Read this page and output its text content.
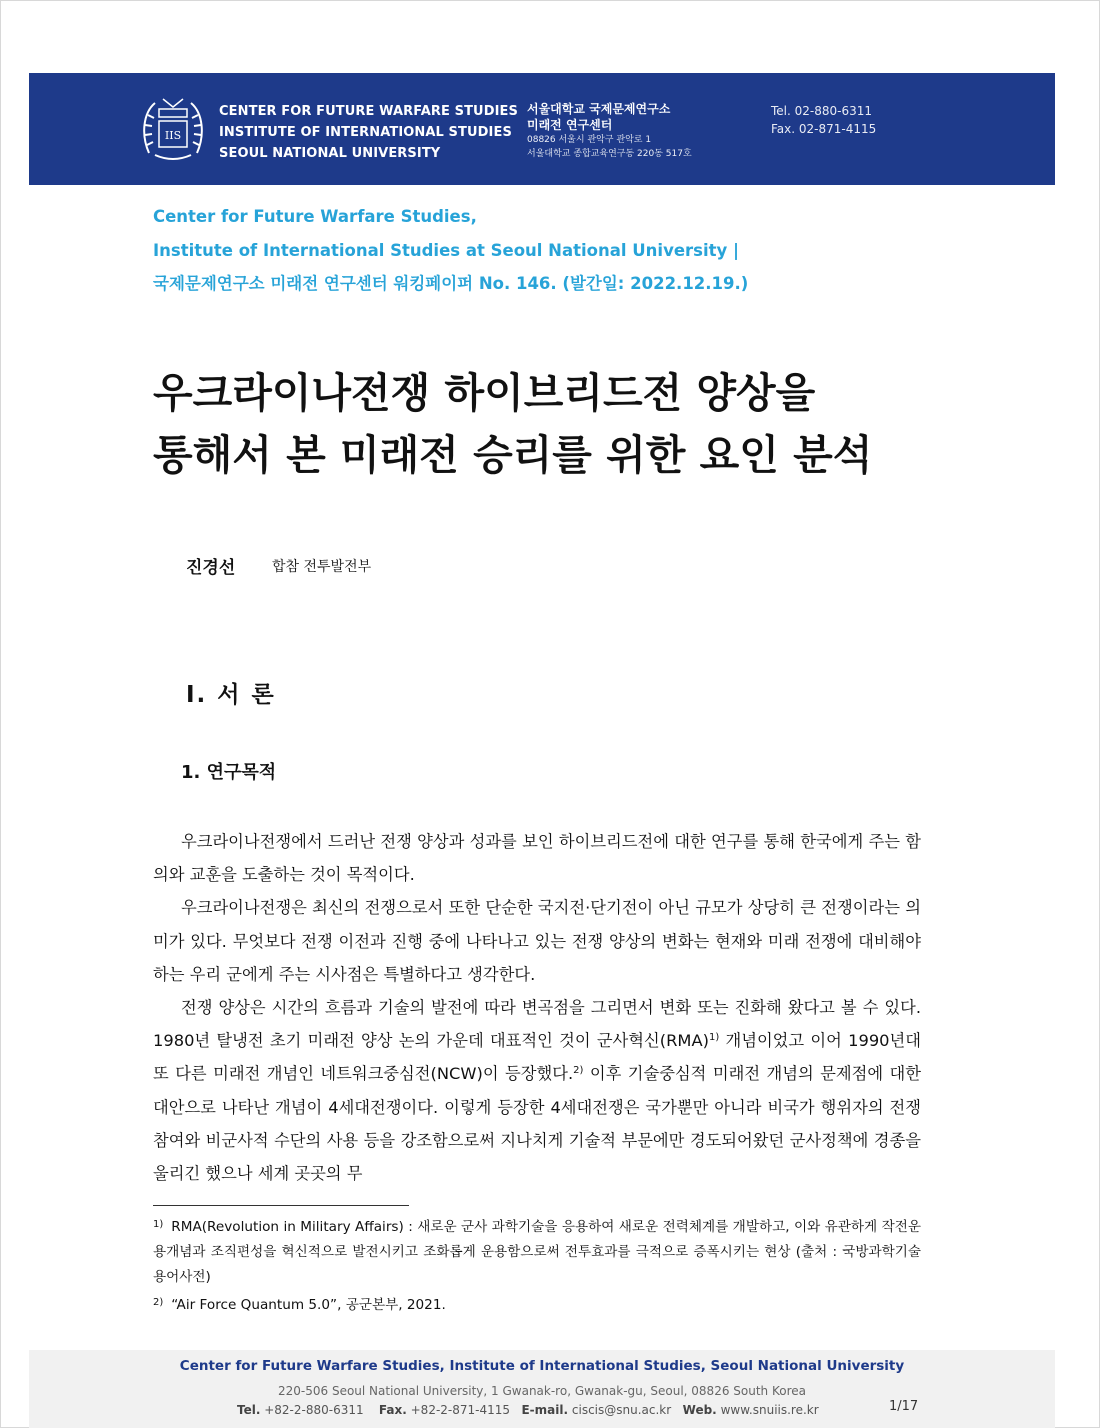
IIS
CENTER FOR FUTURE WARFARE STUDIES
INSTITUTE OF INTERNATIONAL STUDIES
SEOUL NATIONAL UNIVERSITY
서울대학교 국제문제연구소
미래전 연구센터
08826 서울시 관악구 관악로 1
서울대학교 종합교육연구동 220동 517호
Tel. 02-880-6311
Fax. 02-871-4115
Center for Future Warfare Studies,
Institute of International Studies at Seoul National University |
국제문제연구소 미래전 연구센터 워킹페이퍼 No. 146. (발간일: 2022.12.19.)
우크라이나전쟁 하이브리드전 양상을
통해서 본 미래전 승리를 위한 요인 분석
진경선	합참 전투발전부
Ⅰ. 서 론
1. 연구목적

우크라이나전쟁에서 드러난 전쟁 양상과 성과를 보인 하이브리드전에 대한 연구를 통해 한국에게 주는 함의와 교훈을 도출하는 것이 목적이다.

우크라이나전쟁은 최신의 전쟁으로서 또한 단순한 국지전·단기전이 아닌 규모가 상당히 큰 전쟁이라는 의미가 있다. 무엇보다 전쟁 이전과 진행 중에 나타나고 있는 전쟁 양상의 변화는 현재와 미래 전쟁에 대비해야 하는 우리 군에게 주는 시사점은 특별하다고 생각한다.

전쟁 양상은 시간의 흐름과 기술의 발전에 따라 변곡점을 그리면서 변화 또는 진화해 왔다고 볼 수 있다. 1980년 탈냉전 초기 미래전 양상 논의 가운데 대표적인 것이 군사혁신(RMA)$^{1)}$ 개념이었고 이어 1990년대 또 다른 미래전 개념인 네트워크중심전(NCW)이 등장했다.$^{2)}$ 이후 기술중심적 미래전 개념의 문제점에 대한 대안으로 나타난 개념이 4세대전쟁이다. 이렇게 등장한 4세대전쟁은 국가뿐만 아니라 비국가 행위자의 전쟁 참여와 비군사적 수단의 사용 등을 강조함으로써 지나치게 기술적 부문에만 경도되어왔던 군사정책에 경종을 울리긴 했으나 세계 곳곳의 무

$^{1)}$ RMA(Revolution in Military Affairs) : 새로운 군사 과학기술을 응용하여 새로운 전력체계를 개발하고, 이와 유관하게 작전운용개념과 조직편성을 혁신적으로 발전시키고 조화롭게 운용함으로써 전투효과를 극적으로 증폭시키는 현상 (출처 : 국방과학기술용어사전)

$^{2)}$ “Air Force Quantum 5.0”, 공군본부, 2021.

Center for Future Warfare Studies, Institute of International Studies, Seoul National University
220-506 Seoul National University, 1 Gwanak-ro, Gwanak-gu, Seoul, 08826 South Korea
Tel. +82-2-880-6311 Fax. +82-2-871-4115 E-mail. ciscis@snu.ac.kr Web. www.snuiis.re.kr	1/17
